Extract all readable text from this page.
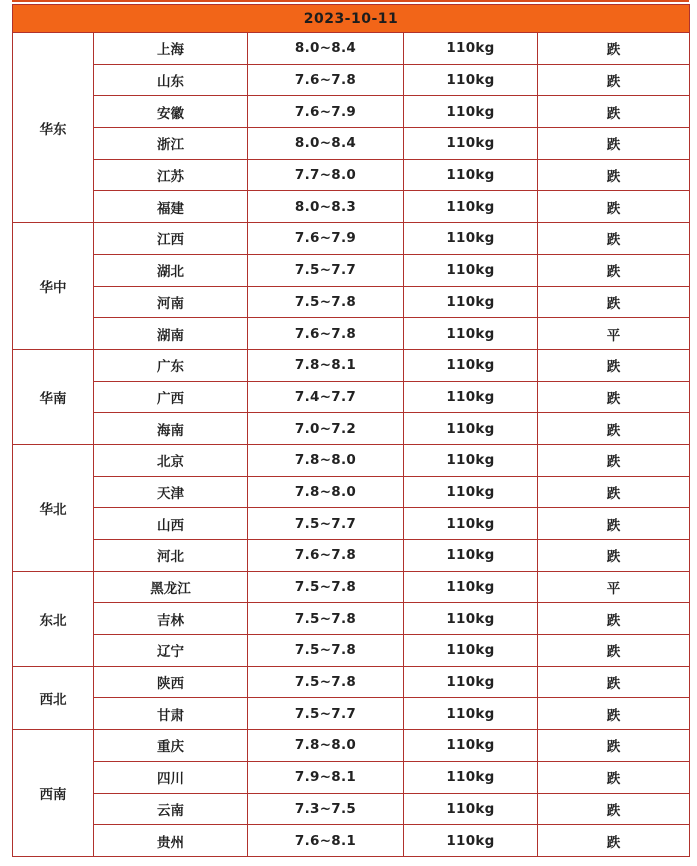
2023-10-11				
华东	上海	8.0~8.4	110kg	跌
	山东	7.6~7.8	110kg	跌
	安徽	7.6~7.9	110kg	跌
	浙江	8.0~8.4	110kg	跌
	江苏	7.7~8.0	110kg	跌
	福建	8.0~8.3	110kg	跌
华中	江西	7.6~7.9	110kg	跌
	湖北	7.5~7.7	110kg	跌
	河南	7.5~7.8	110kg	跌
	湖南	7.6~7.8	110kg	平
华南	广东	7.8~8.1	110kg	跌
	广西	7.4~7.7	110kg	跌
	海南	7.0~7.2	110kg	跌
华北	北京	7.8~8.0	110kg	跌
	天津	7.8~8.0	110kg	跌
	山西	7.5~7.7	110kg	跌
	河北	7.6~7.8	110kg	跌
东北	黑龙江	7.5~7.8	110kg	平
	吉林	7.5~7.8	110kg	跌
	辽宁	7.5~7.8	110kg	跌
西北	陕西	7.5~7.8	110kg	跌
	甘肃	7.5~7.7	110kg	跌
西南	重庆	7.8~8.0	110kg	跌
	四川	7.9~8.1	110kg	跌
	云南	7.3~7.5	110kg	跌
	贵州	7.6~8.1	110kg	跌
